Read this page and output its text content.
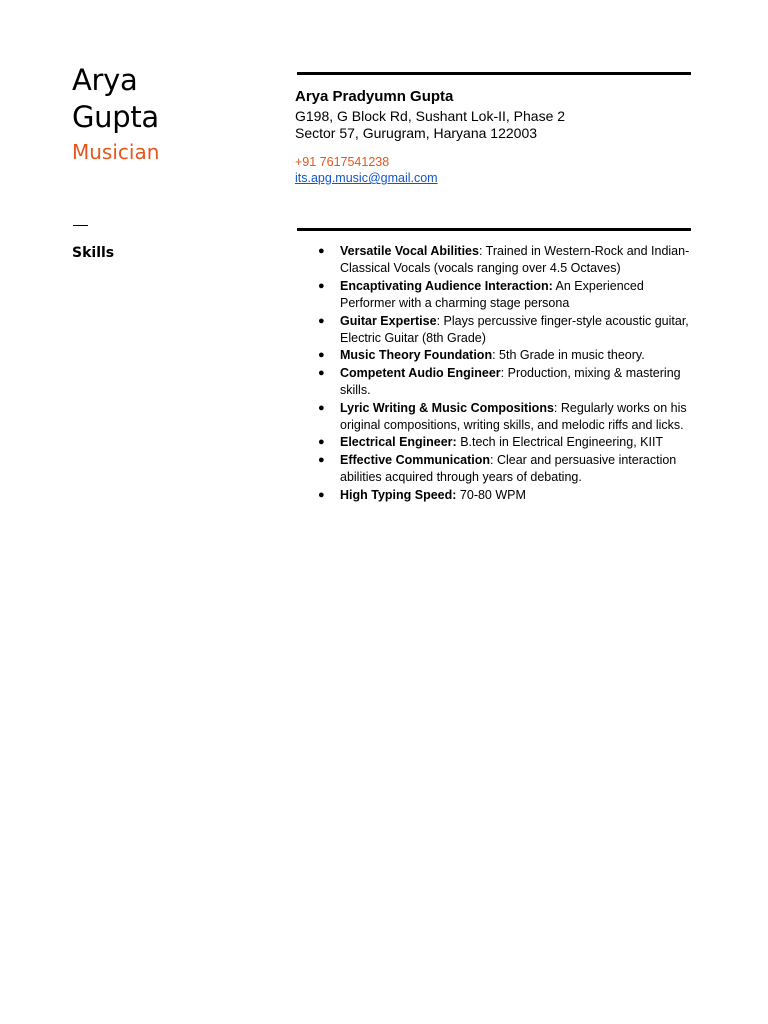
Arya
Gupta
Musician
Arya Pradyumn Gupta
G198, G Block Rd, Sushant Lok-II, Phase 2
Sector 57, Gurugram, Haryana 122003
+91 7617541238
its.apg.music@gmail.com
Skills	● Versatile Vocal Abilities: Trained in Western-Rock and Indian-Classical Vocals (vocals ranging over 4.5 Octaves)
● Encaptivating Audience Interaction: An Experienced Performer with a charming stage persona
● Guitar Expertise: Plays percussive finger-style acoustic guitar, Electric Guitar (8th Grade)
● Music Theory Foundation: 5th Grade in music theory.
● Competent Audio Engineer: Production, mixing & mastering skills.
● Lyric Writing & Music Compositions: Regularly works on his original compositions, writing skills, and melodic riffs and licks.
● Electrical Engineer: B.tech in Electrical Engineering, KIIT
● Effective Communication: Clear and persuasive interaction abilities acquired through years of debating.
● High Typing Speed: 70-80 WPM
